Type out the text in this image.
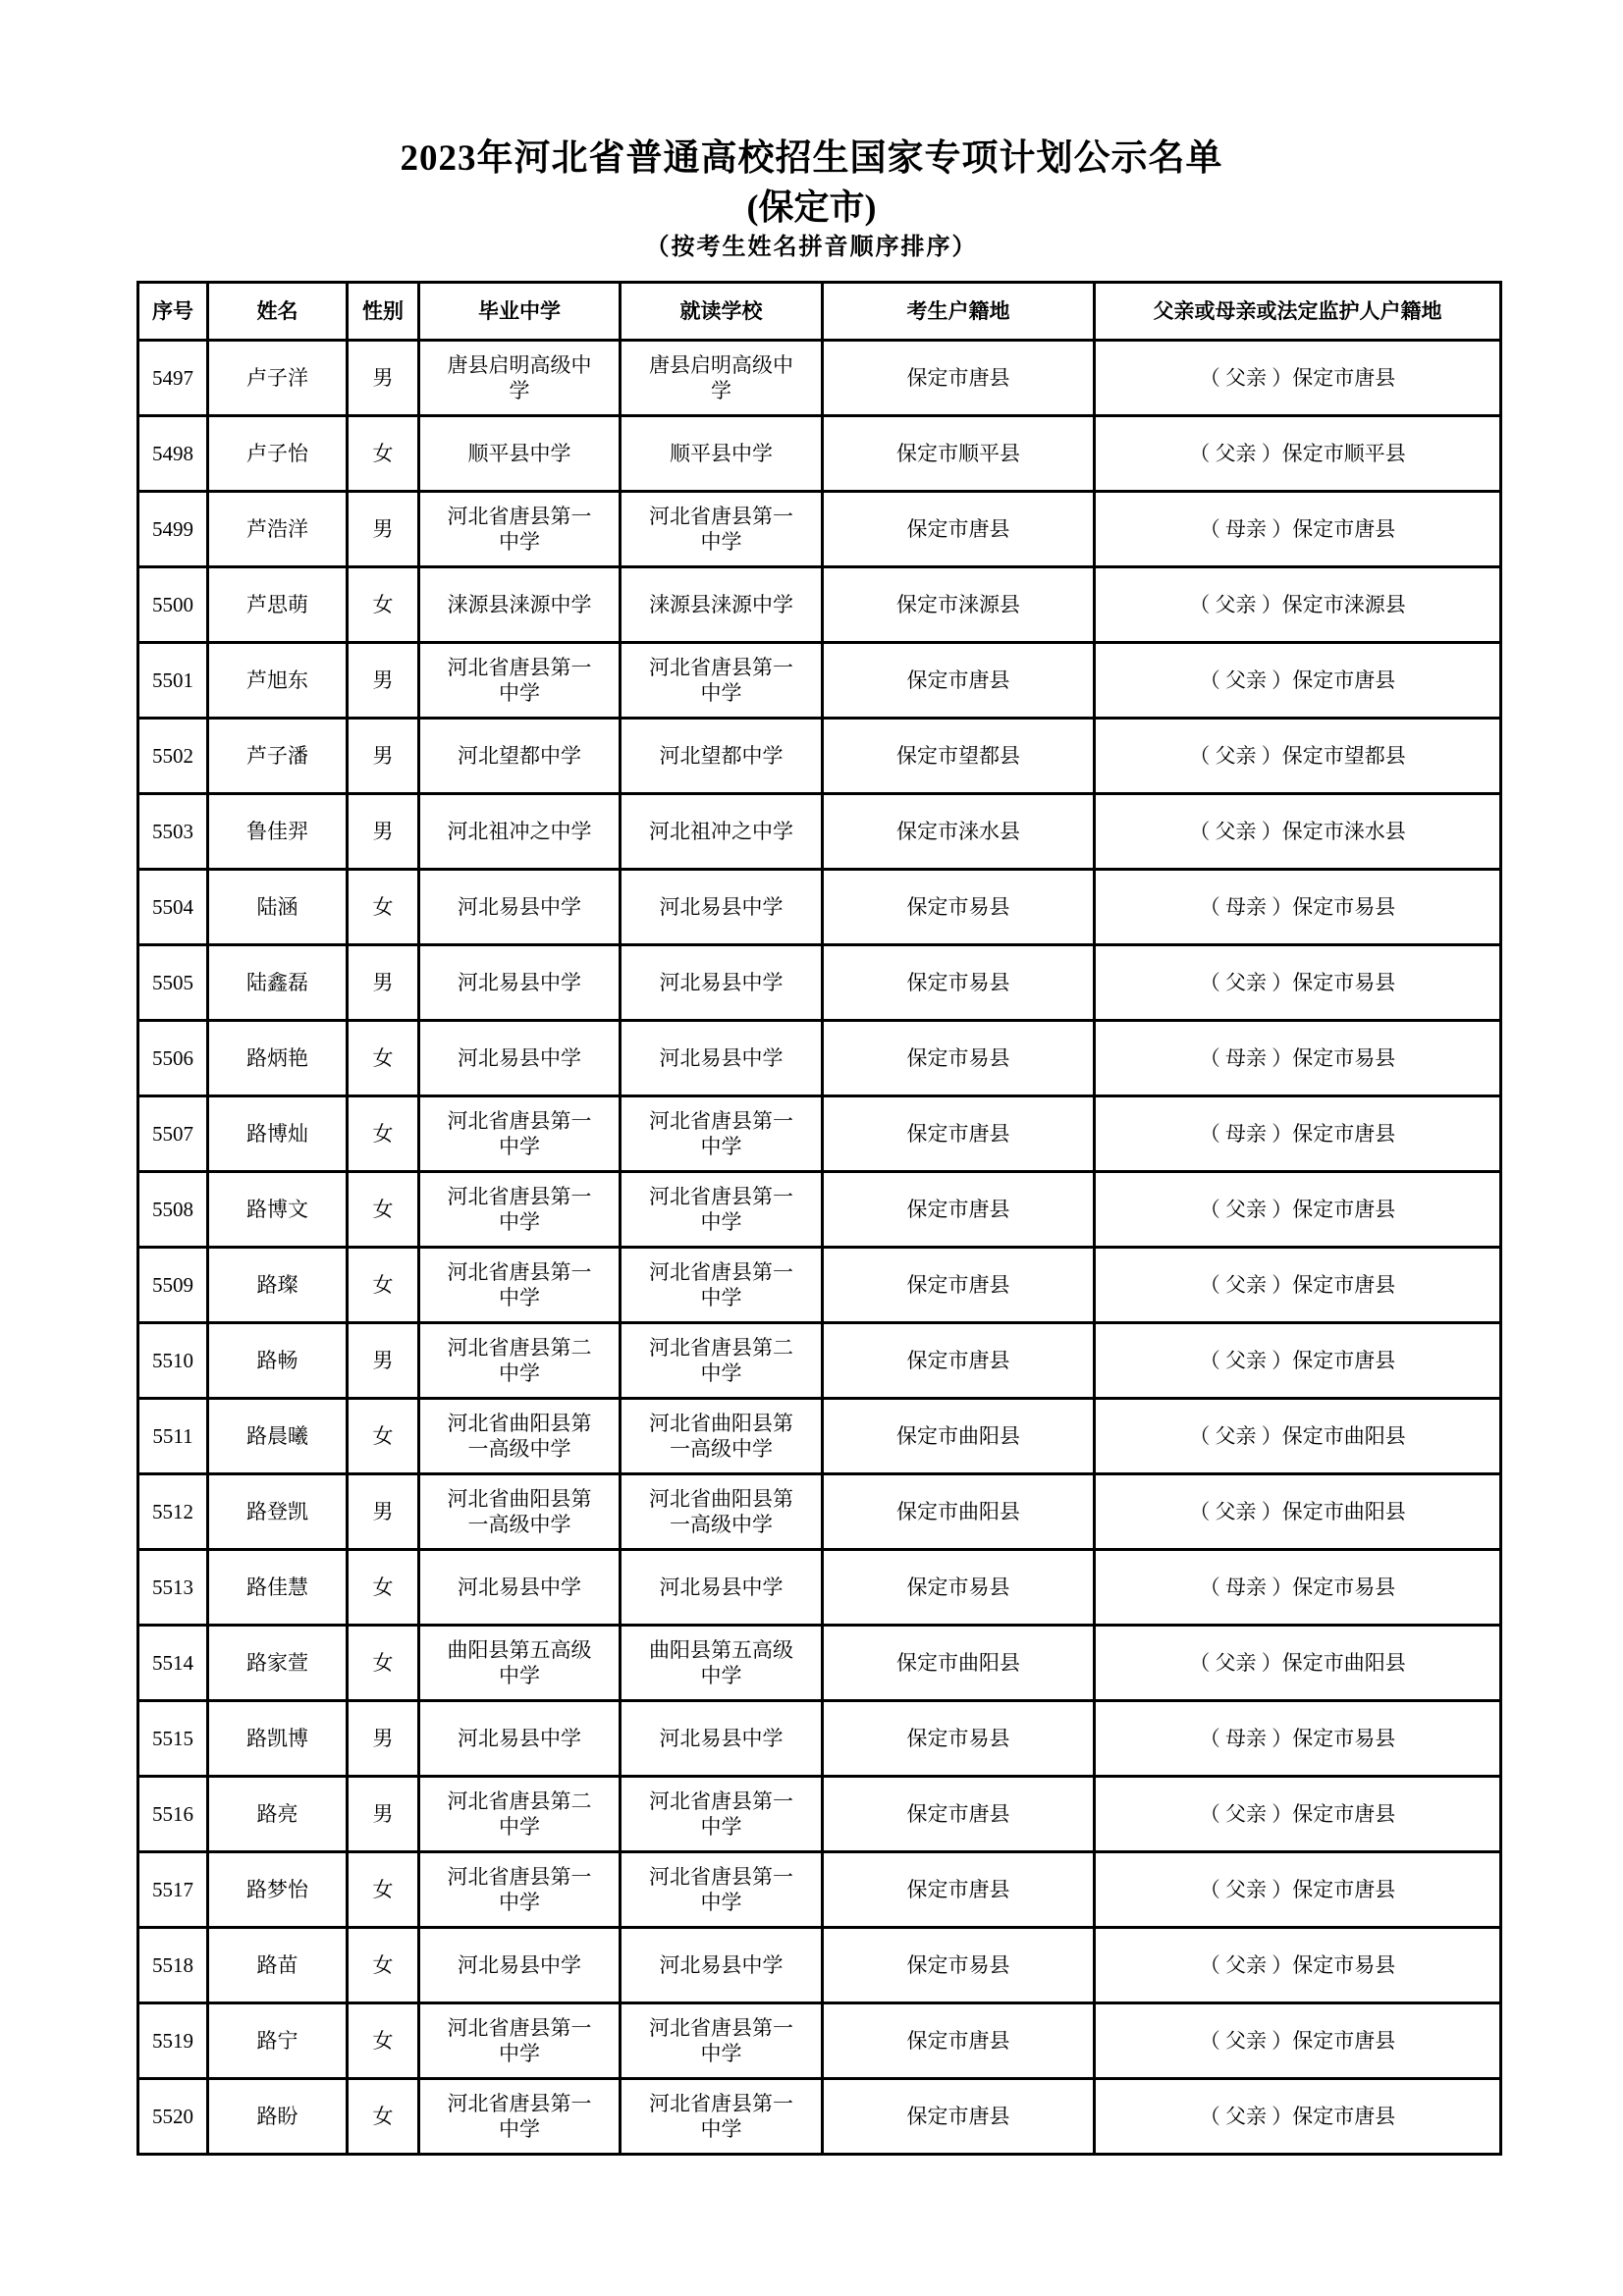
2023年河北省普通高校招生国家专项计划公示名单
(保定市)
（按考生姓名拼音顺序排序）
序号	姓名	性别	毕业中学	就读学校	考生户籍地	父亲或母亲或法定监护人户籍地
5497	卢子洋	男	唐县启明高级中学	唐县启明高级中学	保定市唐县	（ 父亲 ）保定市唐县
5498	卢子怡	女	顺平县中学	顺平县中学	保定市顺平县	（ 父亲 ）保定市顺平县
5499	芦浩洋	男	河北省唐县第一中学	河北省唐县第一中学	保定市唐县	（ 母亲 ）保定市唐县
5500	芦思萌	女	涞源县涞源中学	涞源县涞源中学	保定市涞源县	（ 父亲 ）保定市涞源县
5501	芦旭东	男	河北省唐县第一中学	河北省唐县第一中学	保定市唐县	（ 父亲 ）保定市唐县
5502	芦子潘	男	河北望都中学	河北望都中学	保定市望都县	（ 父亲 ）保定市望都县
5503	鲁佳羿	男	河北祖冲之中学	河北祖冲之中学	保定市涞水县	（ 父亲 ）保定市涞水县
5504	陆涵	女	河北易县中学	河北易县中学	保定市易县	（ 母亲 ）保定市易县
5505	陆鑫磊	男	河北易县中学	河北易县中学	保定市易县	（ 父亲 ）保定市易县
5506	路炳艳	女	河北易县中学	河北易县中学	保定市易县	（ 母亲 ）保定市易县
5507	路博灿	女	河北省唐县第一中学	河北省唐县第一中学	保定市唐县	（ 母亲 ）保定市唐县
5508	路博文	女	河北省唐县第一中学	河北省唐县第一中学	保定市唐县	（ 父亲 ）保定市唐县
5509	路璨	女	河北省唐县第一中学	河北省唐县第一中学	保定市唐县	（ 父亲 ）保定市唐县
5510	路畅	男	河北省唐县第二中学	河北省唐县第二中学	保定市唐县	（ 父亲 ）保定市唐县
5511	路晨曦	女	河北省曲阳县第一高级中学	河北省曲阳县第一高级中学	保定市曲阳县	（ 父亲 ）保定市曲阳县
5512	路登凯	男	河北省曲阳县第一高级中学	河北省曲阳县第一高级中学	保定市曲阳县	（ 父亲 ）保定市曲阳县
5513	路佳慧	女	河北易县中学	河北易县中学	保定市易县	（ 母亲 ）保定市易县
5514	路家萱	女	曲阳县第五高级中学	曲阳县第五高级中学	保定市曲阳县	（ 父亲 ）保定市曲阳县
5515	路凯博	男	河北易县中学	河北易县中学	保定市易县	（ 母亲 ）保定市易县
5516	路亮	男	河北省唐县第二中学	河北省唐县第一中学	保定市唐县	（ 父亲 ）保定市唐县
5517	路梦怡	女	河北省唐县第一中学	河北省唐县第一中学	保定市唐县	（ 父亲 ）保定市唐县
5518	路苗	女	河北易县中学	河北易县中学	保定市易县	（ 父亲 ）保定市易县
5519	路宁	女	河北省唐县第一中学	河北省唐县第一中学	保定市唐县	（ 父亲 ）保定市唐县
5520	路盼	女	河北省唐县第一中学	河北省唐县第一中学	保定市唐县	（ 父亲 ）保定市唐县
